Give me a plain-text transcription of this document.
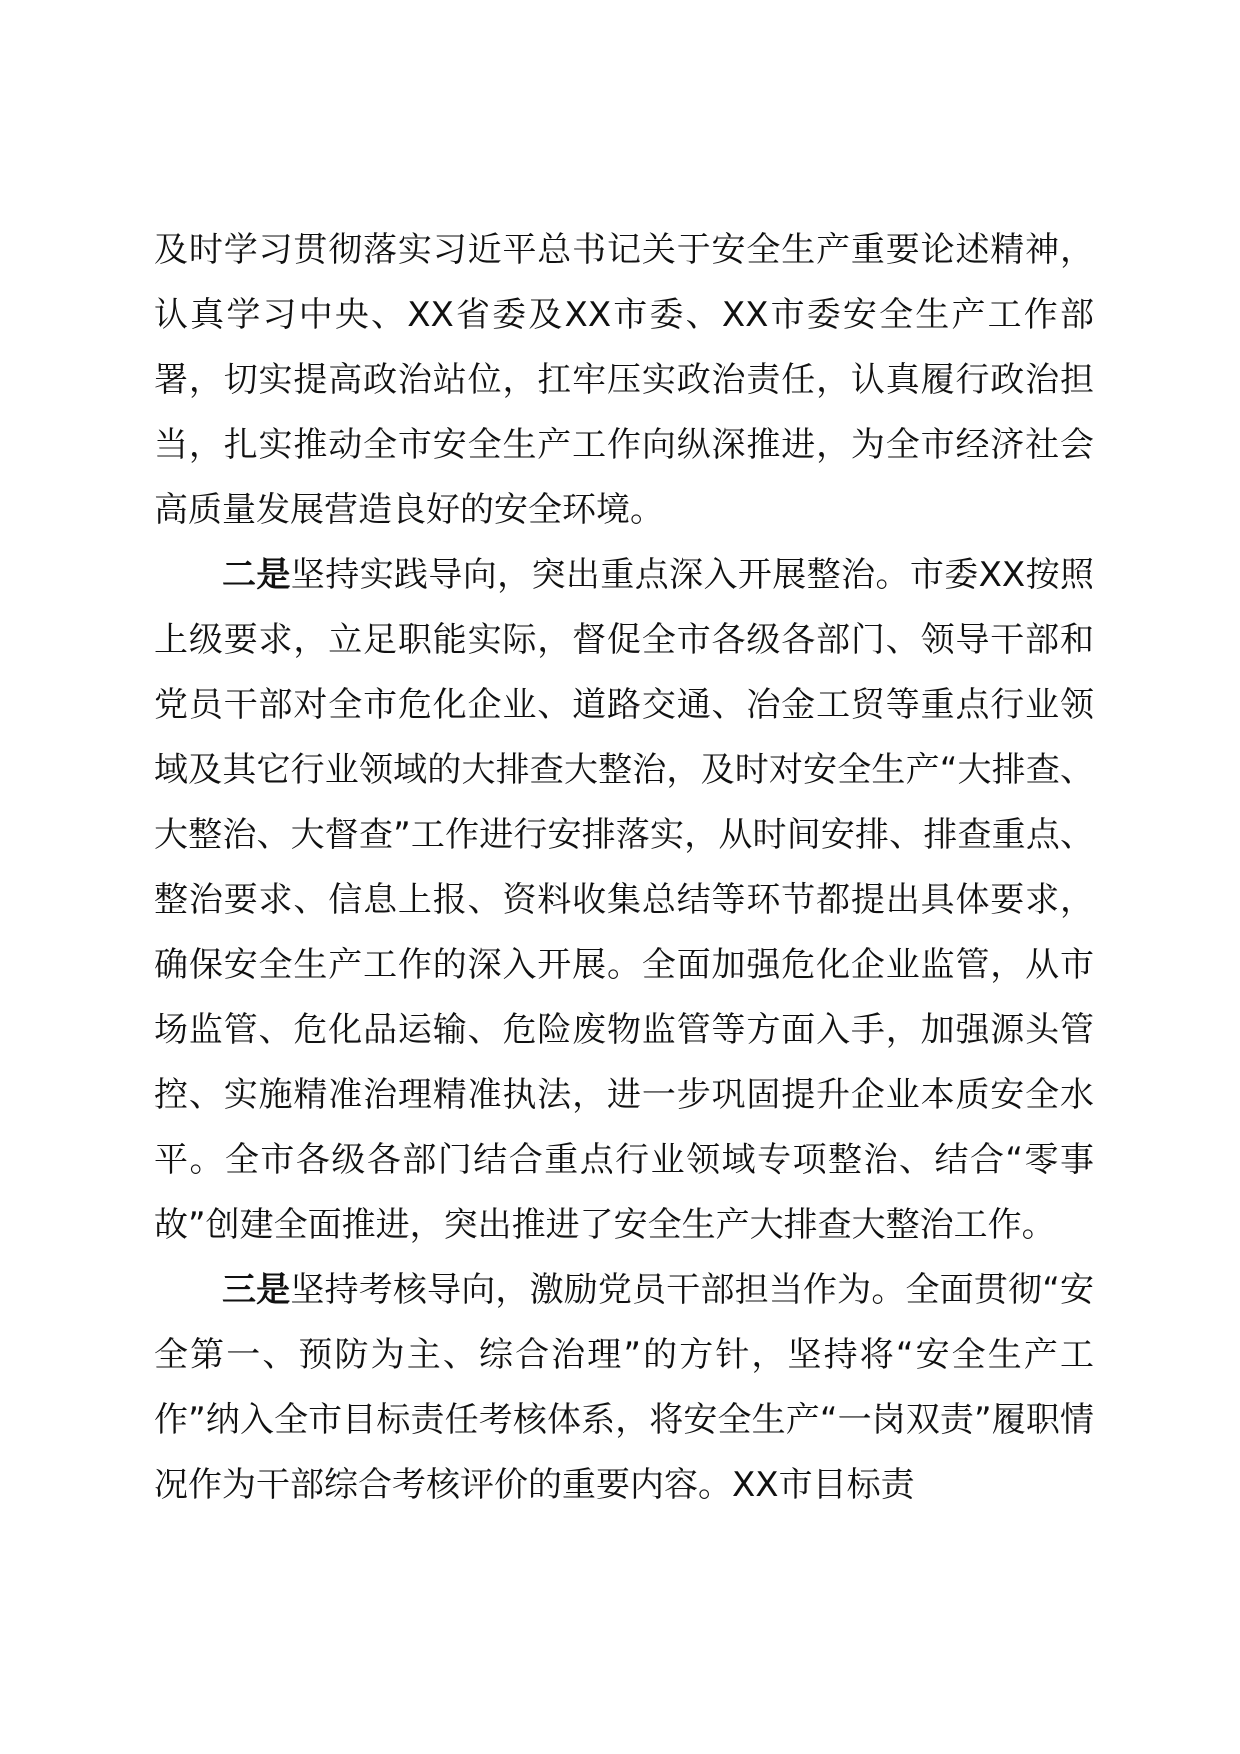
及时学习贯彻落实习近平总书记关于安全生产重要论述精神，认真学习中央、XX省委及XX市委、XX市委安全生产工作部署，切实提高政治站位，扛牢压实政治责任，认真履行政治担当，扎实推动全市安全生产工作向纵深推进，为全市经济社会高质量发展营造良好的安全环境。

二是坚持实践导向，突出重点深入开展整治。市委XX按照上级要求，立足职能实际，督促全市各级各部门、领导干部和党员干部对全市危化企业、道路交通、冶金工贸等重点行业领域及其它行业领域的大排查大整治，及时对安全生产“大排查、大整治、大督查”工作进行安排落实，从时间安排、排查重点、整治要求、信息上报、资料收集总结等环节都提出具体要求，确保安全生产工作的深入开展。全面加强危化企业监管，从市场监管、危化品运输、危险废物监管等方面入手，加强源头管控、实施精准治理精准执法，进一步巩固提升企业本质安全水平。全市各级各部门结合重点行业领域专项整治、结合“零事故”创建全面推进，突出推进了安全生产大排查大整治工作。

三是坚持考核导向，激励党员干部担当作为。全面贯彻“安全第一、预防为主、综合治理”的方针，坚持将“安全生产工作”纳入全市目标责任考核体系，将安全生产“一岗双责”履职情况作为干部综合考核评价的重要内容。XX市目标责
